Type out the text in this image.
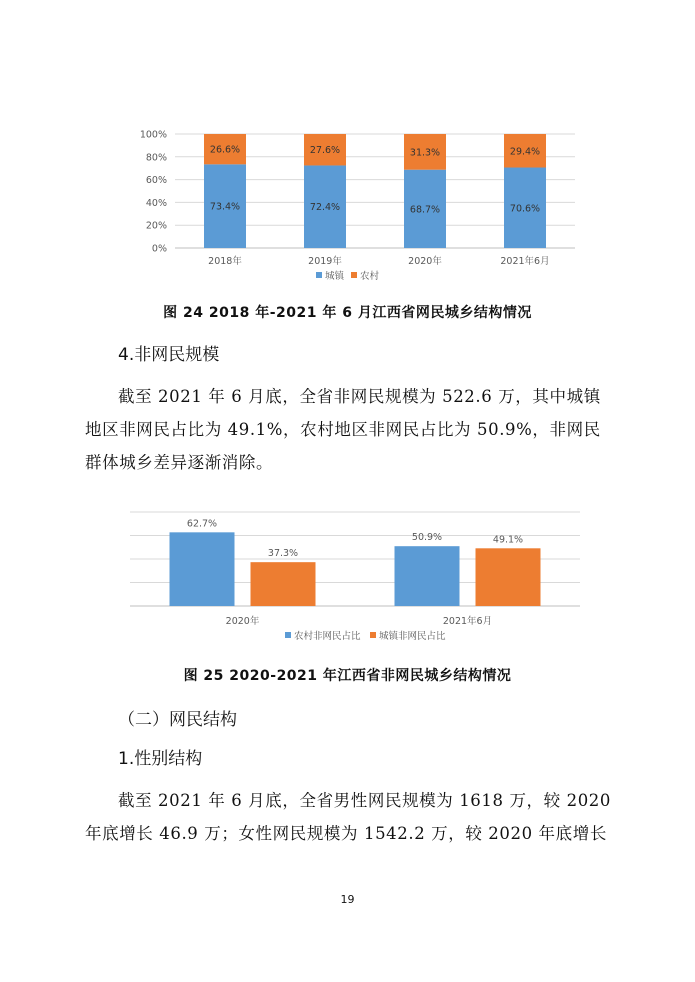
0%
20%
40%
60%
80%
100%
73.4%
26.6%
2018年
72.4%
27.6%
2019年
68.7%
31.3%
2020年
70.6%
29.4%
2021年6月
城镇 农村
图 24 2018 年-2021 年 6 月江西省网民城乡结构情况
4.非网民规模
截至 2021 年 6 月底，全省非网民规模为 522.6 万，其中城镇
地区非网民占比为 49.1%，农村地区非网民占比为 50.9%，非网民
群体城乡差异逐渐消除。
62.7%
37.3%
2020年
50.9%	49.1%
2021年6月
农村非网民占比 城镇非网民占比
图 25 2020-2021 年江西省非网民城乡结构情况
（二）网民结构
1.性别结构
截至 2021 年 6 月底，全省男性网民规模为 1618 万，较 2020
年底增长 46.9 万；女性网民规模为 1542.2 万，较 2020 年底增长
19
